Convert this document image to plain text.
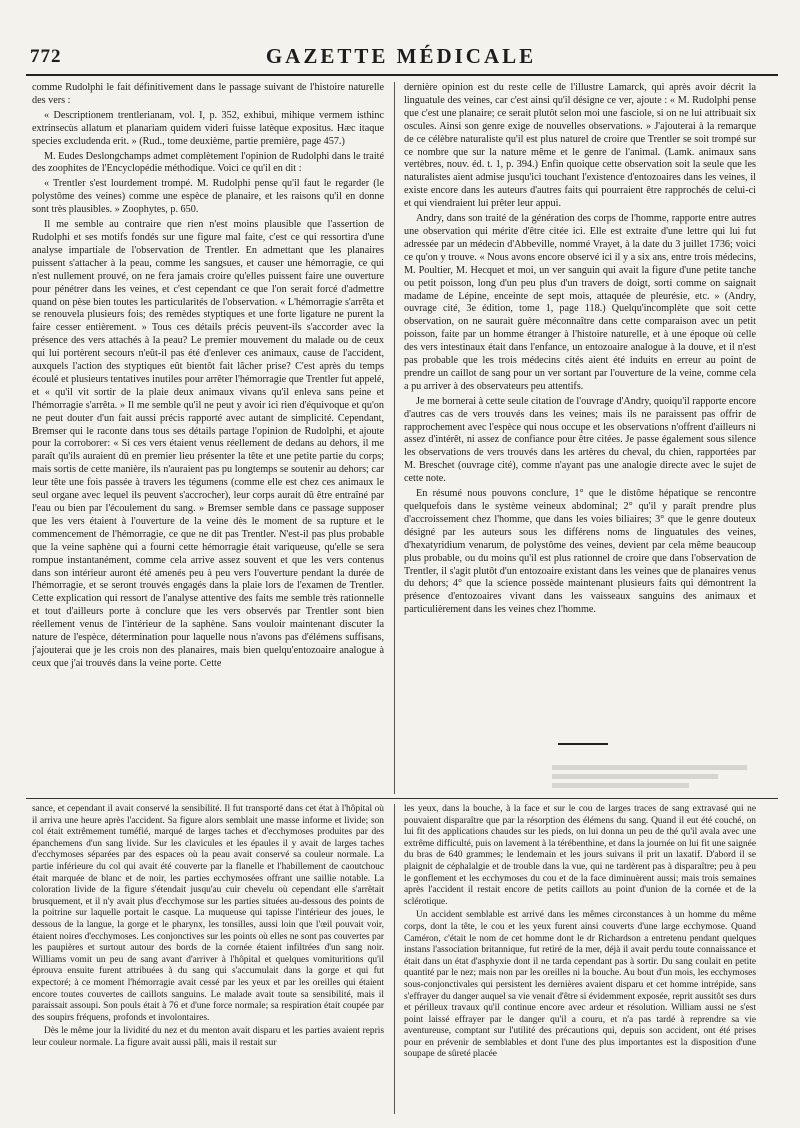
772	GAZETTE MÉDICALE

comme Rudolphi le fait définitivement dans le passage suivant de l'histoire naturelle des vers :

« Descriptionem trentlerianam, vol. I, p. 352, exhibui, mihique vermem isthinc extrinsecùs allatum et planariam quidem videri fuisse latèque expositus. Hæc itaque species excludenda erit. » (Rud., tome deuxième, partie première, page 457.)

M. Eudes Deslongchamps admet complètement l'opinion de Rudolphi dans le traité des zoophites de l'Encyclopédie méthodique. Voici ce qu'il en dit :

« Trentler s'est lourdement trompé. M. Rudolphi pense qu'il faut le regarder (le polystôme des veines) comme une espèce de planaire, et les raisons qu'il en donne sont très plausibles. » Zoophytes, p. 650.

Il me semble au contraire que rien n'est moins plausible que l'assertion de Rudolphi et ses motifs fondés sur une figure mal faite, c'est ce qui ressortira d'une analyse impartiale de l'observation de Trentler. En admettant que les planaires puissent s'attacher à la peau, comme les sangsues, et causer une hémorragie, ce qui n'est nullement prouvé, on ne fera jamais croire qu'elles puissent faire une ouverture pour pénétrer dans les veines, et c'est cependant ce que l'on serait forcé d'admettre quand on pèse bien toutes les particularités de l'observation. « L'hémorragie s'arrêta et se renouvela plusieurs fois; des remèdes styptiques et une forte ligature ne purent la faire cesser entièrement. » Tous ces détails précis peuvent-ils s'accorder avec la présence des vers attachés à la peau? Le premier mouvement du malade ou de ceux qui lui portèrent secours n'eût-il pas été d'enlever ces animaux, cause de l'accident, auxquels l'action des styptiques eût bientôt fait lâcher prise? C'est après du temps écoulé et plusieurs tentatives inutiles pour arrêter l'hémorragie que Trentler fut appelé, et « qu'il vit sortir de la plaie deux animaux vivans qu'il enleva sans peine et l'hémorragie s'arrêta. » Il me semble qu'il ne peut y avoir ici rien d'équivoque et qu'on ne peut douter d'un fait aussi précis rapporté avec autant de simplicité. Cependant, Bremser qui le raconte dans tous ses détails partage l'opinion de Rudolphi, et ajoute pour la corroborer: « Si ces vers étaient venus réellement de dedans au dehors, il me paraît qu'ils auraient dû en premier lieu présenter la tête et une petite partie du corps; mais sortis de cette manière, ils n'auraient pas pu longtemps se soutenir au dehors; car leur tête une fois passée à travers les tégumens (comme elle est chez ces animaux le seul organe avec lequel ils peuvent s'accrocher), leur corps aurait dû être entraîné par l'eau ou bien par l'écoulement du sang. » Bremser semble dans ce passage supposer que les vers étaient à l'ouverture de la veine dès le moment de sa rupture et le commencement de l'hémorragie, ce que ne dit pas Trentler. N'est-il pas plus probable que la veine saphène qui a fourni cette hémorragie était variqueuse, qu'elle se sera rompue instantanément, comme cela arrive assez souvent et que les vers contenus dans son intérieur auront été amenés peu à peu vers l'ouverture pendant la durée de l'hémorragie, et se seront trouvés engagés dans la plaie lors de l'examen de Trentler. Cette explication qui ressort de l'analyse attentive des faits me semble très rationnelle et tout d'ailleurs porte à conclure que les vers observés par Trentler sont bien réellement venus de l'intérieur de la saphène. Sans vouloir maintenant discuter la nature de l'espèce, détermination pour laquelle nous n'avons pas d'élémens suffisans, j'ajouterai que je les crois non des planaires, mais bien quelqu'entozoaire analogue à ceux que j'ai trouvés dans la veine porte. Cette

dernière opinion est du reste celle de l'illustre Lamarck, qui après avoir décrit la linguatule des veines, car c'est ainsi qu'il désigne ce ver, ajoute : « M. Rudolphi pense que c'est une planaire; ce serait plutôt selon moi une fasciole, si on ne lui attribuait six oscules. Ainsi son genre exige de nouvelles observations. » J'ajouterai à la remarque de ce célèbre naturaliste qu'il est plus naturel de croire que Trentler se soit trompé sur ce nombre que sur la nature même et le genre de l'animal. (Lamk. animaux sans vertèbres, nouv. éd. t. 1, p. 394.) Enfin quoique cette observation soit la seule que les naturalistes aient admise jusqu'ici touchant l'existence d'entozoaires dans les veines, il existe encore dans les auteurs d'autres faits qui pourraient être rapprochés de celui-ci et qui viendraient lui prêter leur appui.

Andry, dans son traité de la génération des corps de l'homme, rapporte entre autres une observation qui mérite d'être citée ici. Elle est extraite d'une lettre qui lui fut adressée par un médecin d'Abbeville, nommé Vrayet, à la date du 3 juillet 1736; voici ce qu'on y trouve. « Nous avons encore observé ici il y a six ans, entre trois médecins, M. Poultier, M. Hecquet et moi, un ver sanguin qui avait la figure d'une petite tanche ou petit poisson, long d'un peu plus d'un travers de doigt, sorti comme on saignait madame de Lépine, enceinte de sept mois, attaquée de pleurésie, etc. » (Andry, ouvrage cité, 3e édition, tome 1, page 118.) Quelqu'incomplète que soit cette observation, on ne saurait guère méconnaître dans cette comparaison avec un petit poisson, faite par un homme étranger à l'histoire naturelle, et à une époque où celle des vers intestinaux était dans l'enfance, un entozoaire analogue à la douve, et il n'est pas probable que les trois médecins cités aient été induits en erreur au point de prendre un caillot de sang pour un ver sortant par l'ouverture de la veine, comme cela a pu arriver à des observateurs peu attentifs.

Je me bornerai à cette seule citation de l'ouvrage d'Andry, quoiqu'il rapporte encore d'autres cas de vers trouvés dans les veines; mais ils ne paraissent pas offrir de rapprochement avec l'espèce qui nous occupe et les observations n'offrent d'ailleurs ni assez d'intérêt, ni assez de confiance pour être citées. Je passe également sous silence les observations de vers trouvés dans les artères du cheval, du chien, rapportées par M. Breschet (ouvrage cité), comme n'ayant pas une analogie directe avec le sujet de cette note.

En résumé nous pouvons conclure, 1° que le distôme hépatique se rencontre quelquefois dans le système veineux abdominal; 2° qu'il y paraît prendre plus d'accroissement chez l'homme, que dans les voies biliaires; 3° que le genre douteux désigné par les auteurs sous les différens noms de linguatules des veines, d'hexatyridium venarum, de polystôme des veines, devient par cela même beaucoup plus probable, ou du moins qu'il est plus rationnel de croire que dans l'observation de Trentler, il s'agit plutôt d'un entozoaire existant dans les veines que de planaires venus du dehors; 4° que la science possède maintenant plusieurs faits qui démontrent la présence d'entozoaires vivant dans les vaisseaux sanguins des animaux et particulièrement dans les veines chez l'homme.

sance, et cependant il avait conservé la sensibilité. Il fut transporté dans cet état à l'hôpital où il arriva une heure après l'accident. Sa figure alors semblait une masse informe et livide; son col était extrêmement tuméfié, marqué de larges taches et d'ecchymoses produites par des épanchemens d'un sang livide. Sur les clavicules et les épaules il y avait de larges taches d'ecchymoses séparées par des espaces où la peau avait conservé sa couleur normale. La partie inférieure du col qui avait été couverte par la flanelle et l'habillement de caoutchouc était marquée de blanc et de noir, les parties ecchymosées offrant une saillie notable. La coloration livide de la figure s'étendait jusqu'au cuir chevelu où cependant elle s'arrêtait brusquement, et il n'y avait plus d'ecchymose sur les parties situées au-dessous des points de la poitrine sur laquelle portait le casque. La muqueuse qui tapisse l'intérieur des joues, le dessous de la langue, la gorge et le pharynx, les tonsilles, aussi loin que l'œil pouvait voir, étaient noires d'ecchymoses. Les conjonctives sur les points où elles ne sont pas couvertes par les paupières et surtout autour des bords de la cornée étaient infiltrées d'un sang noir. Williams vomit un peu de sang avant d'arriver à l'hôpital et quelques vomituritions qu'il éprouva ensuite furent attribuées à du sang qui s'accumulait dans la gorge et qui fut expectoré; à ce moment l'hémorragie avait cessé par les yeux et par les oreilles qui étaient encore toutes couvertes de caillots sanguins. Le malade avait toute sa sensibilité, mais il paraissait assoupi. Son pouls était à 76 et d'une force normale; sa respiration était coupée par des soupirs fréquens, profonds et involontaires.

Dès le même jour la lividité du nez et du menton avait disparu et les parties avaient repris leur couleur normale. La figure avait aussi pâli, mais il restait sur

les yeux, dans la bouche, à la face et sur le cou de larges traces de sang extravasé qui ne pouvaient disparaître que par la résorption des élémens du sang. Quand il eut été couché, on lui fit des applications chaudes sur les pieds, on lui donna un peu de thé qu'il avala avec une extrême difficulté, puis on lavement à la térébenthine, et dans la journée on lui fit une saignée du bras de 640 grammes; le lendemain et les jours suivans il prit un laxatif. D'abord il se plaignit de céphalalgie et de trouble dans la vue, qui ne tardèrent pas à disparaître; peu à peu le gonflement et les ecchymoses du cou et de la face diminuèrent aussi; mais trois semaines après l'accident il restait encore de petits caillots au point d'union de la cornée et de la sclérotique.

Un accident semblable est arrivé dans les mêmes circonstances à un homme du même corps, dont la tête, le cou et les yeux furent ainsi couverts d'une large ecchymose. Quand Caméron, c'était le nom de cet homme dont le dr Richardson a entretenu pendant quelques instans l'association britannique, fut retiré de la mer, déjà il avait perdu toute connaissance et était dans un état d'asphyxie dont il ne tarda cependant pas à sortir. Du sang coulait en petite quantité par le nez; mais non par les oreilles ni la bouche. Au bout d'un mois, les ecchymoses sous-conjonctivales qui persistent les dernières avaient disparu et cet homme intrépide, sans s'effrayer du danger auquel sa vie venait d'être si évidemment exposée, reprit aussitôt ses durs et périlleux travaux qu'il continue encore avec ardeur et résolution. William aussi ne s'est point laissé effrayer par le danger qu'il a couru, et n'a pas tardé à reprendre sa vie aventureuse, comptant sur l'utilité des précautions qui, depuis son accident, ont été prises pour en prévenir de semblables et dont l'une des plus importantes est la disposition d'une soupape de sûreté placée
